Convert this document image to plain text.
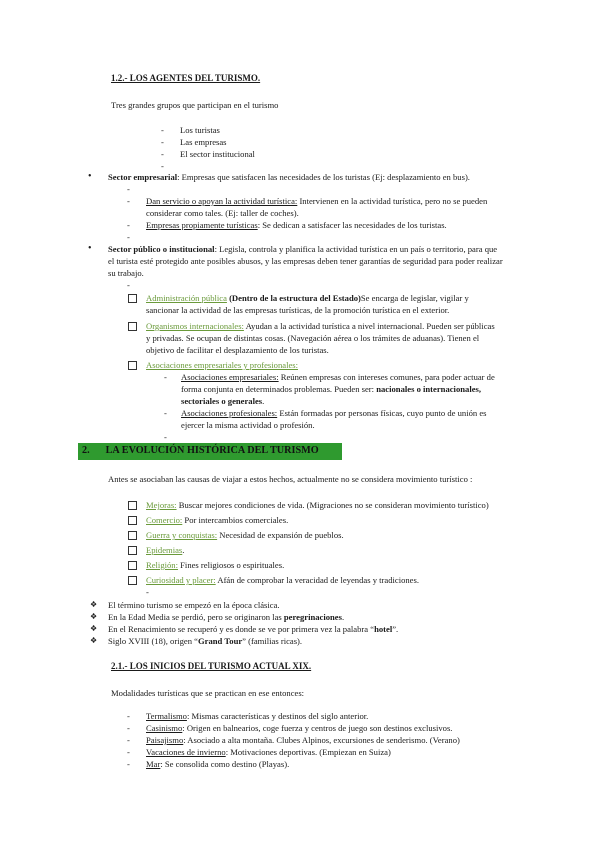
1.2.- LOS AGENTES DEL TURISMO.
Tres grandes grupos que participan en el turismo
-	Los turistas
-	Las empresas
-	El sector institucional
-
• Sector empresarial: Empresas que satisfacen las necesidades de los turistas (Ej: desplazamiento en bus).
-
-	Dan servicio o apoyan la actividad turística: Intervienen en la actividad turística, pero no se pueden
considerar como tales. (Ej: taller de coches).
-	Empresas propiamente turísticas: Se dedican a satisfacer las necesidades de los turistas.
-
• Sector público o institucional: Legisla, controla y planifica la actividad turística en un país o territorio, para que
el turista esté protegido ante posibles abusos, y las empresas deben tener garantías de seguridad para poder realizar
su trabajo.
-
Administración pública (Dentro de la estructura del Estado)Se encarga de legislar, vigilar y
sancionar la actividad de las empresas turísticas, de la promoción turística en el exterior.
Organismos internacionales: Ayudan a la actividad turística a nivel internacional. Pueden ser públicas
y privadas. Se ocupan de distintas cosas. (Navegación aérea o los trámites de aduanas). Tienen el
objetivo de facilitar el desplazamiento de los turistas.
Asociaciones empresariales y profesionales:
-	Asociaciones empresariales: Reúnen empresas con intereses comunes, para poder actuar de
forma conjunta en determinados problemas. Pueden ser: nacionales o internacionales,
sectoriales o generales.
-	Asociaciones profesionales: Están formadas por personas físicas, cuyo punto de unión es
ejercer la misma actividad o profesión.
-
2. LA EVOLUCIÓN HISTÓRICA DEL TURISMO
Antes se asociaban las causas de viajar a estos hechos, actualmente no se considera movimiento turístico :
Mejoras: Buscar mejores condiciones de vida. (Migraciones no se consideran movimiento turístico)
Comercio: Por intercambios comerciales.
Guerra y conquistas: Necesidad de expansión de pueblos.
Epidemias.
Religión: Fines religiosos o espirituales.
Curiosidad y placer: Afán de comprobar la veracidad de leyendas y tradiciones.
-
❖ El término turismo se empezó en la época clásica.
❖ En la Edad Media se perdió, pero se originaron las peregrinaciones.
❖ En el Renacimiento se recuperó y es donde se ve por primera vez la palabra “hotel”.
❖ Siglo XVIII (18), origen “Grand Tour” (familias ricas).
2.1.- LOS INICIOS DEL TURISMO ACTUAL XIX.
Modalidades turísticas que se practican en ese entonces:
-	Termalismo: Mismas características y destinos del siglo anterior.
-	Casinismo: Origen en balnearios, coge fuerza y centros de juego son destinos exclusivos.
-	Paisajismo: Asociado a alta montaña. Clubes Alpinos, excursiones de senderismo. (Verano)
-	Vacaciones de invierno: Motivaciones deportivas. (Empiezan en Suiza)
-	Mar: Se consolida como destino (Playas).
